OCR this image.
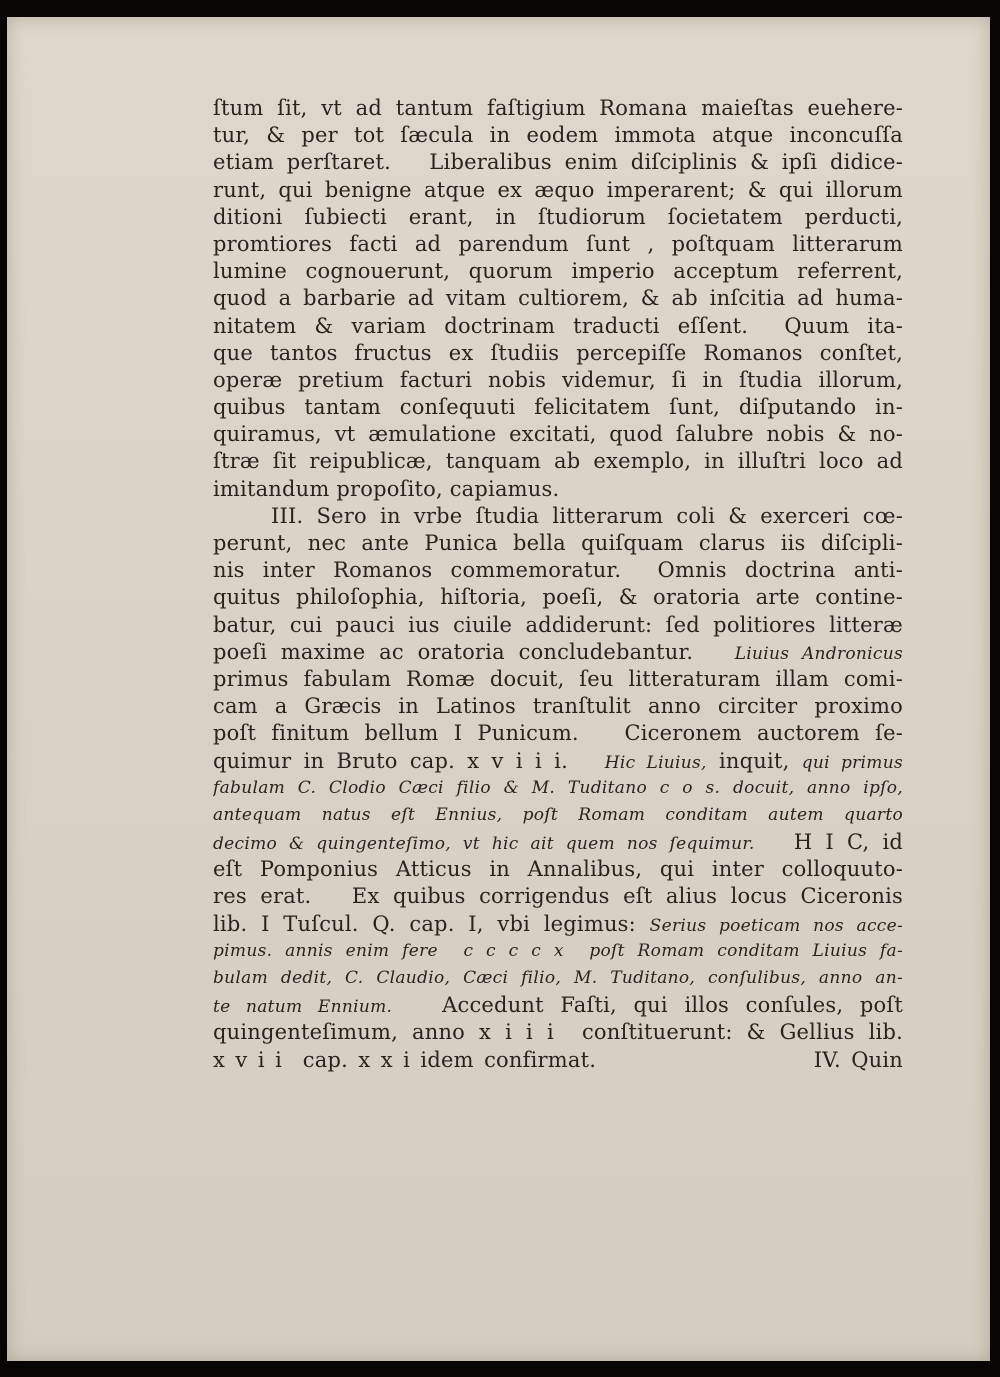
ſtum ſit, vt ad tantum faſtigium Romana maieſtas euehere-
tur, & per tot ſæcula in eodem immota atque inconcuſſa
etiam perſtaret.   Liberalibus enim diſciplinis & ipſi didice-
runt, qui benigne atque ex æquo imperarent; & qui illorum
ditioni ſubiecti erant, in ſtudiorum ſocietatem perducti,
promtiores facti ad parendum ſunt , poſtquam litterarum
lumine cognouerunt, quorum imperio acceptum referrent,
quod a barbarie ad vitam cultiorem, & ab inſcitia ad huma-
nitatem & variam doctrinam traducti eſſent.  Quum ita-
que tantos fructus ex ſtudiis percepiſſe Romanos conſtet,
operæ pretium facturi nobis videmur, ſi in ſtudia illorum,
quibus tantam conſequuti felicitatem ſunt, diſputando in-
quiramus, vt æmulatione excitati, quod ſalubre nobis & no-
ſtræ ſit reipublicæ, tanquam ab exemplo, in illuſtri loco ad
imitandum propoſito, capiamus.
III. Sero in vrbe ſtudia litterarum coli & exerceri cœ-
perunt, nec ante Punica bella quiſquam clarus iis diſcipli-
nis inter Romanos commemoratur.  Omnis doctrina anti-
quitus philoſophia, hiſtoria, poeſi, & oratoria arte contine-
batur, cui pauci ius ciuile addiderunt: ſed politiores litteræ
poeſi maxime ac oratoria concludebantur. Liuius Andronicus
primus fabulam Romæ docuit, ſeu litteraturam illam comi-
cam a Græcis in Latinos tranſtulit anno circiter proximo
poſt finitum bellum I Punicum.   Ciceronem auctorem ſe-
quimur in Bruto cap. x v i i i.   Hic Liuius, inquit, qui primus
fabulam C. Clodio Cæci filio & M. Tuditano c o s. docuit, anno ipſo,
antequam natus eſt Ennius, poſt Romam conditam autem quarto
decimo & quingenteſimo, vt hic ait quem nos ſequimur.   H I C, id
eſt Pomponius Atticus in Annalibus, qui inter colloquuto-
res erat.   Ex quibus corrigendus eſt alius locus Ciceronis
lib. I Tuſcul. Q. cap. I, vbi legimus: Serius poeticam nos acce-
pimus. annis enim fere  c c c c x  poſt Romam conditam Liuius fa-
bulam dedit, C. Claudio, Cæci filio, M. Tuditano, conſulibus, anno an-
te natum Ennium.   Accedunt Faſti, qui illos conſules, poſt
quingenteſimum, anno x i i i  conſtituerunt: & Gellius lib.
x v i i  cap. x x i idem confirmat.	IV. Quin
